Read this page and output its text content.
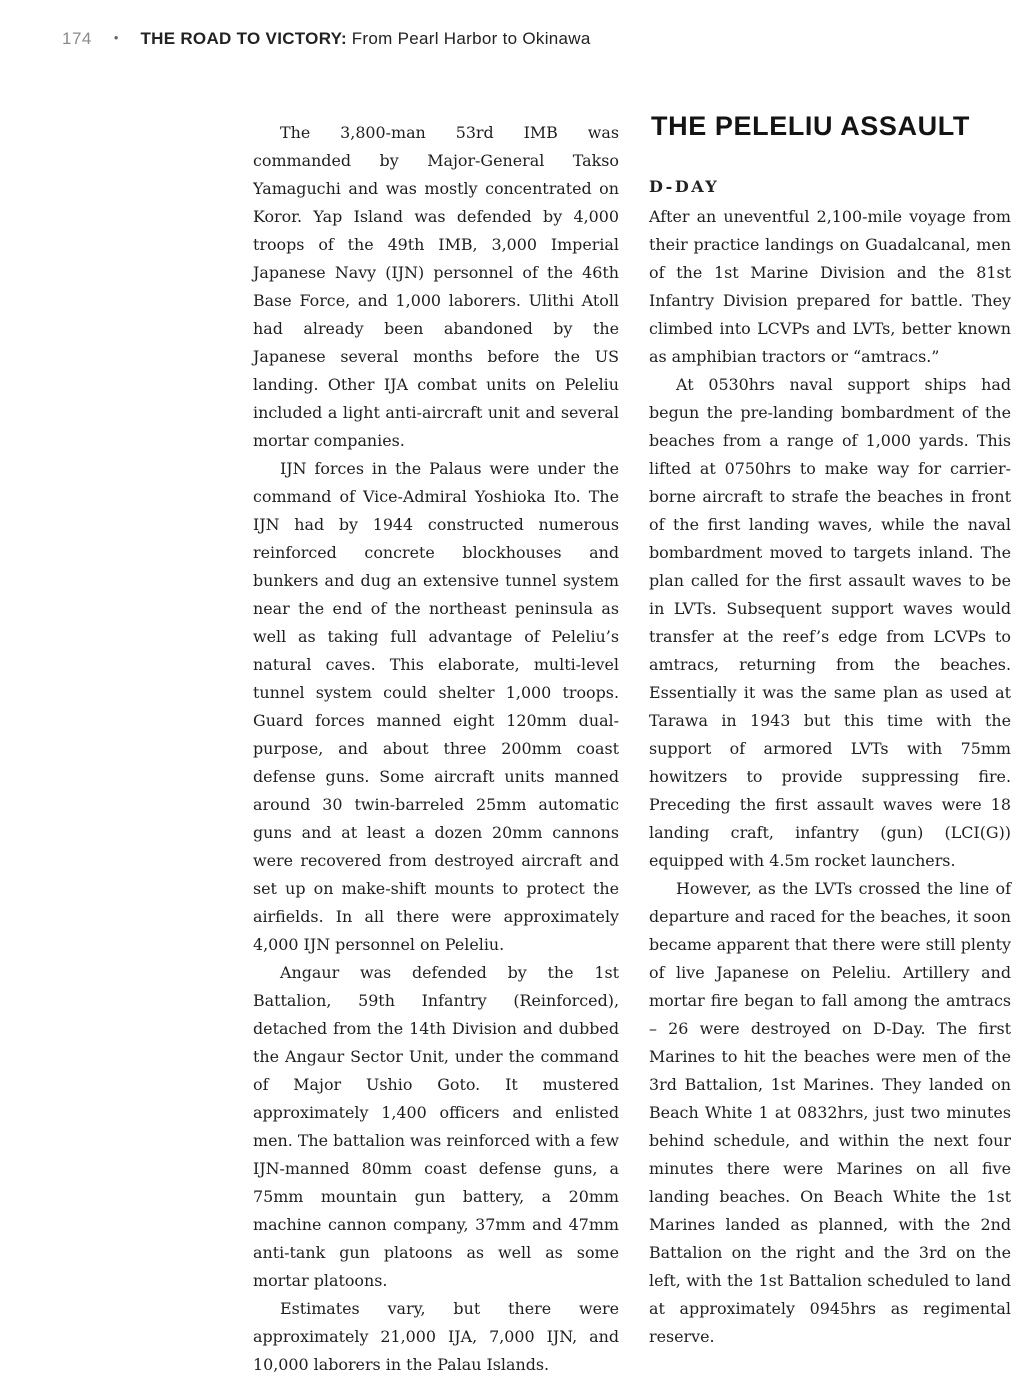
174 • THE ROAD TO VICTORY: From Pearl Harbor to Okinawa

The 3,800-man 53rd IMB was commanded by Major-General Takso Yamaguchi and was mostly concentrated on Koror. Yap Island was defended by 4,000 troops of the 49th IMB, 3,000 Imperial Japanese Navy (IJN) personnel of the 46th Base Force, and 1,000 laborers. Ulithi Atoll had already been abandoned by the Japanese several months before the US landing. Other IJA combat units on Peleliu included a light anti-aircraft unit and several mortar companies.

IJN forces in the Palaus were under the command of Vice-Admiral Yoshioka Ito. The IJN had by 1944 constructed numerous reinforced concrete blockhouses and bunkers and dug an extensive tunnel system near the end of the northeast peninsula as well as taking full advantage of Peleliu’s natural caves. This elaborate, multi-level tunnel system could shelter 1,000 troops. Guard forces manned eight 120mm dual-purpose, and about three 200mm coast defense guns. Some aircraft units manned around 30 twin-barreled 25mm automatic guns and at least a dozen 20mm cannons were recovered from destroyed aircraft and set up on make-shift mounts to protect the airfields. In all there were approximately 4,000 IJN personnel on Peleliu.

Angaur was defended by the 1st Battalion, 59th Infantry (Reinforced), detached from the 14th Division and dubbed the Angaur Sector Unit, under the command of Major Ushio Goto. It mustered approximately 1,400 officers and enlisted men. The battalion was reinforced with a few IJN-manned 80mm coast defense guns, a 75mm mountain gun battery, a 20mm machine cannon company, 37mm and 47mm anti-tank gun platoons as well as some mortar platoons.

Estimates vary, but there were approximately 21,000 IJA, 7,000 IJN, and 10,000 laborers in the Palau Islands.

THE PELELIU ASSAULT
D-DAY

After an uneventful 2,100-mile voyage from their practice landings on Guadalcanal, men of the 1st Marine Division and the 81st Infantry Division prepared for battle. They climbed into LCVPs and LVTs, better known as amphibian tractors or “amtracs.”

At 0530hrs naval support ships had begun the pre-landing bombardment of the beaches from a range of 1,000 yards. This lifted at 0750hrs to make way for carrier-borne aircraft to strafe the beaches in front of the first landing waves, while the naval bombardment moved to targets inland. The plan called for the first assault waves to be in LVTs. Subsequent support waves would transfer at the reef’s edge from LCVPs to amtracs, returning from the beaches. Essentially it was the same plan as used at Tarawa in 1943 but this time with the support of armored LVTs with 75mm howitzers to provide suppressing fire. Preceding the first assault waves were 18 landing craft, infantry (gun) (LCI(G)) equipped with 4.5m rocket launchers.

However, as the LVTs crossed the line of departure and raced for the beaches, it soon became apparent that there were still plenty of live Japanese on Peleliu. Artillery and mortar fire began to fall among the amtracs – 26 were destroyed on D-Day. The first Marines to hit the beaches were men of the 3rd Battalion, 1st Marines. They landed on Beach White 1 at 0832hrs, just two minutes behind schedule, and within the next four minutes there were Marines on all five landing beaches. On Beach White the 1st Marines landed as planned, with the 2nd Battalion on the right and the 3rd on the left, with the 1st Battalion scheduled to land at approximately 0945hrs as regimental reserve.
